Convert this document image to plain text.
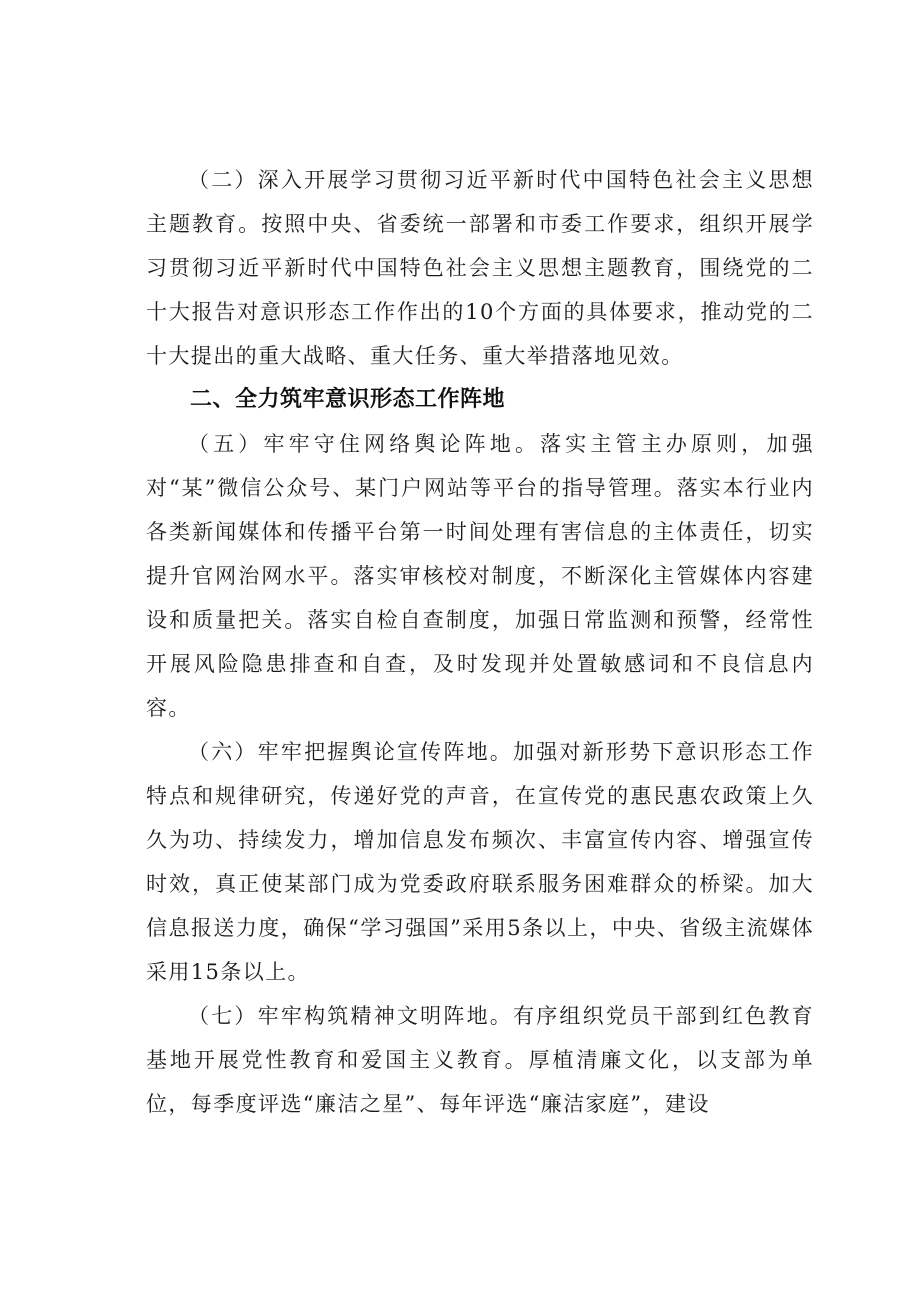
（二）深入开展学习贯彻习近平新时代中国特色社会主义思想主题教育。按照中央、省委统一部署和市委工作要求，组织开展学习贯彻习近平新时代中国特色社会主义思想主题教育，围绕党的二十大报告对意识形态工作作出的10个方面的具体要求，推动党的二十大提出的重大战略、重大任务、重大举措落地见效。

二、全力筑牢意识形态工作阵地

（五）牢牢守住网络舆论阵地。落实主管主办原则，加强对“某”微信公众号、某门户网站等平台的指导管理。落实本行业内各类新闻媒体和传播平台第一时间处理有害信息的主体责任，切实提升官网治网水平。落实审核校对制度，不断深化主管媒体内容建设和质量把关。落实自检自查制度，加强日常监测和预警，经常性开展风险隐患排查和自查，及时发现并处置敏感词和不良信息内容。

（六）牢牢把握舆论宣传阵地。加强对新形势下意识形态工作特点和规律研究，传递好党的声音，在宣传党的惠民惠农政策上久久为功、持续发力，增加信息发布频次、丰富宣传内容、增强宣传时效，真正使某部门成为党委政府联系服务困难群众的桥梁。加大信息报送力度，确保“学习强国”采用5条以上，中央、省级主流媒体采用15条以上。

（七）牢牢构筑精神文明阵地。有序组织党员干部到红色教育基地开展党性教育和爱国主义教育。厚植清廉文化，以支部为单位，每季度评选“廉洁之星”、每年评选“廉洁家庭”，建设
